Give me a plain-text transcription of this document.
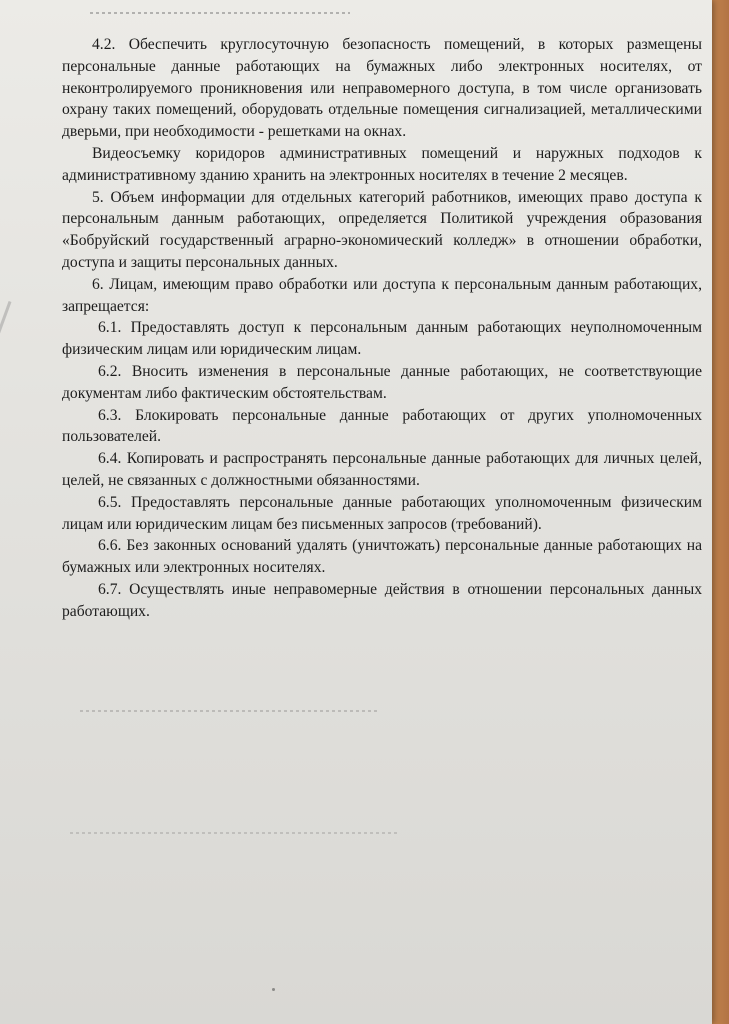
4.2. Обеспечить круглосуточную безопасность помещений, в которых размещены персональные данные работающих на бумажных либо электронных носителях, от неконтролируемого проникновения или неправомерного доступа, в том числе организовать охрану таких помещений, оборудовать отдельные помещения сигнализацией, металлическими дверьми, при необходимости - решетками на окнах.

Видеосъемку коридоров административных помещений и наружных подходов к административному зданию хранить на электронных носителях в течение 2 месяцев.

5. Объем информации для отдельных категорий работников, имеющих право доступа к персональным данным работающих, определяется Политикой учреждения образования «Бобруйский государственный аграрно-экономический колледж» в отношении обработки, доступа и защиты персональных данных.

6. Лицам, имеющим право обработки или доступа к персональным данным работающих, запрещается:

6.1. Предоставлять доступ к персональным данным работающих неуполномоченным физическим лицам или юридическим лицам.

6.2. Вносить изменения в персональные данные работающих, не соответствующие документам либо фактическим обстоятельствам.

6.3. Блокировать персональные данные работающих от других уполномоченных пользователей.

6.4. Копировать и распространять персональные данные работающих для личных целей, целей, не связанных с должностными обязанностями.

6.5. Предоставлять персональные данные работающих уполномоченным физическим лицам или юридическим лицам без письменных запросов (требований).

6.6. Без законных оснований удалять (уничтожать) персональные данные работающих на бумажных или электронных носителях.

6.7. Осуществлять иные неправомерные действия в отношении персональных данных работающих.
